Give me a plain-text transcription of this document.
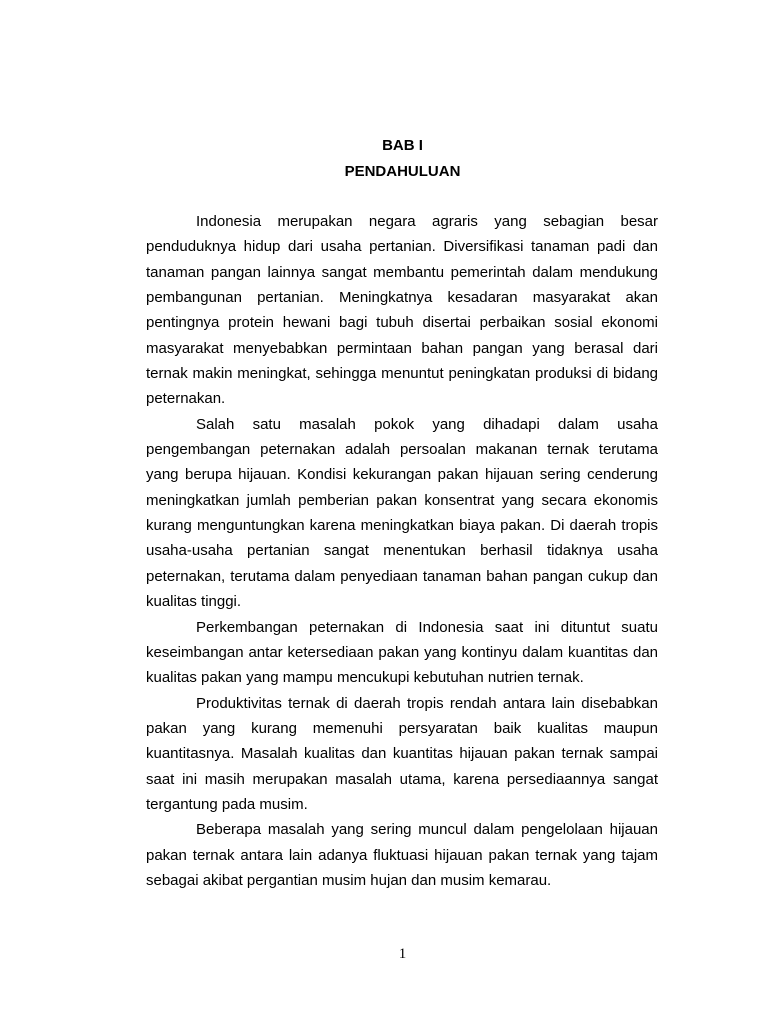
BAB I
PENDAHULUAN

Indonesia merupakan negara agraris yang sebagian besar penduduknya hidup dari usaha pertanian. Diversifikasi tanaman padi dan tanaman pangan lainnya sangat membantu pemerintah dalam mendukung pembangunan pertanian. Meningkatnya kesadaran masyarakat akan pentingnya protein hewani bagi tubuh disertai perbaikan sosial ekonomi masyarakat menyebabkan permintaan bahan pangan yang berasal dari ternak makin meningkat, sehingga menuntut peningkatan produksi di bidang peternakan.

Salah satu masalah pokok yang dihadapi dalam usaha pengembangan peternakan adalah persoalan makanan ternak terutama yang berupa hijauan. Kondisi kekurangan pakan hijauan sering cenderung meningkatkan jumlah pemberian pakan konsentrat yang secara ekonomis kurang menguntungkan karena meningkatkan biaya pakan. Di daerah tropis usaha-usaha pertanian sangat menentukan berhasil tidaknya usaha peternakan, terutama dalam penyediaan tanaman bahan pangan cukup dan kualitas tinggi.

Perkembangan peternakan di Indonesia saat ini dituntut suatu keseimbangan antar ketersediaan pakan yang kontinyu dalam kuantitas dan kualitas pakan yang mampu mencukupi kebutuhan nutrien ternak.

Produktivitas ternak di daerah tropis rendah antara lain disebabkan pakan yang kurang memenuhi persyaratan baik kualitas maupun kuantitasnya. Masalah kualitas dan kuantitas hijauan pakan ternak sampai saat ini masih merupakan masalah utama, karena persediaannya sangat tergantung pada musim.

Beberapa masalah yang sering muncul dalam pengelolaan hijauan pakan ternak antara lain adanya fluktuasi hijauan pakan ternak yang tajam sebagai akibat pergantian musim hujan dan musim kemarau.

1
